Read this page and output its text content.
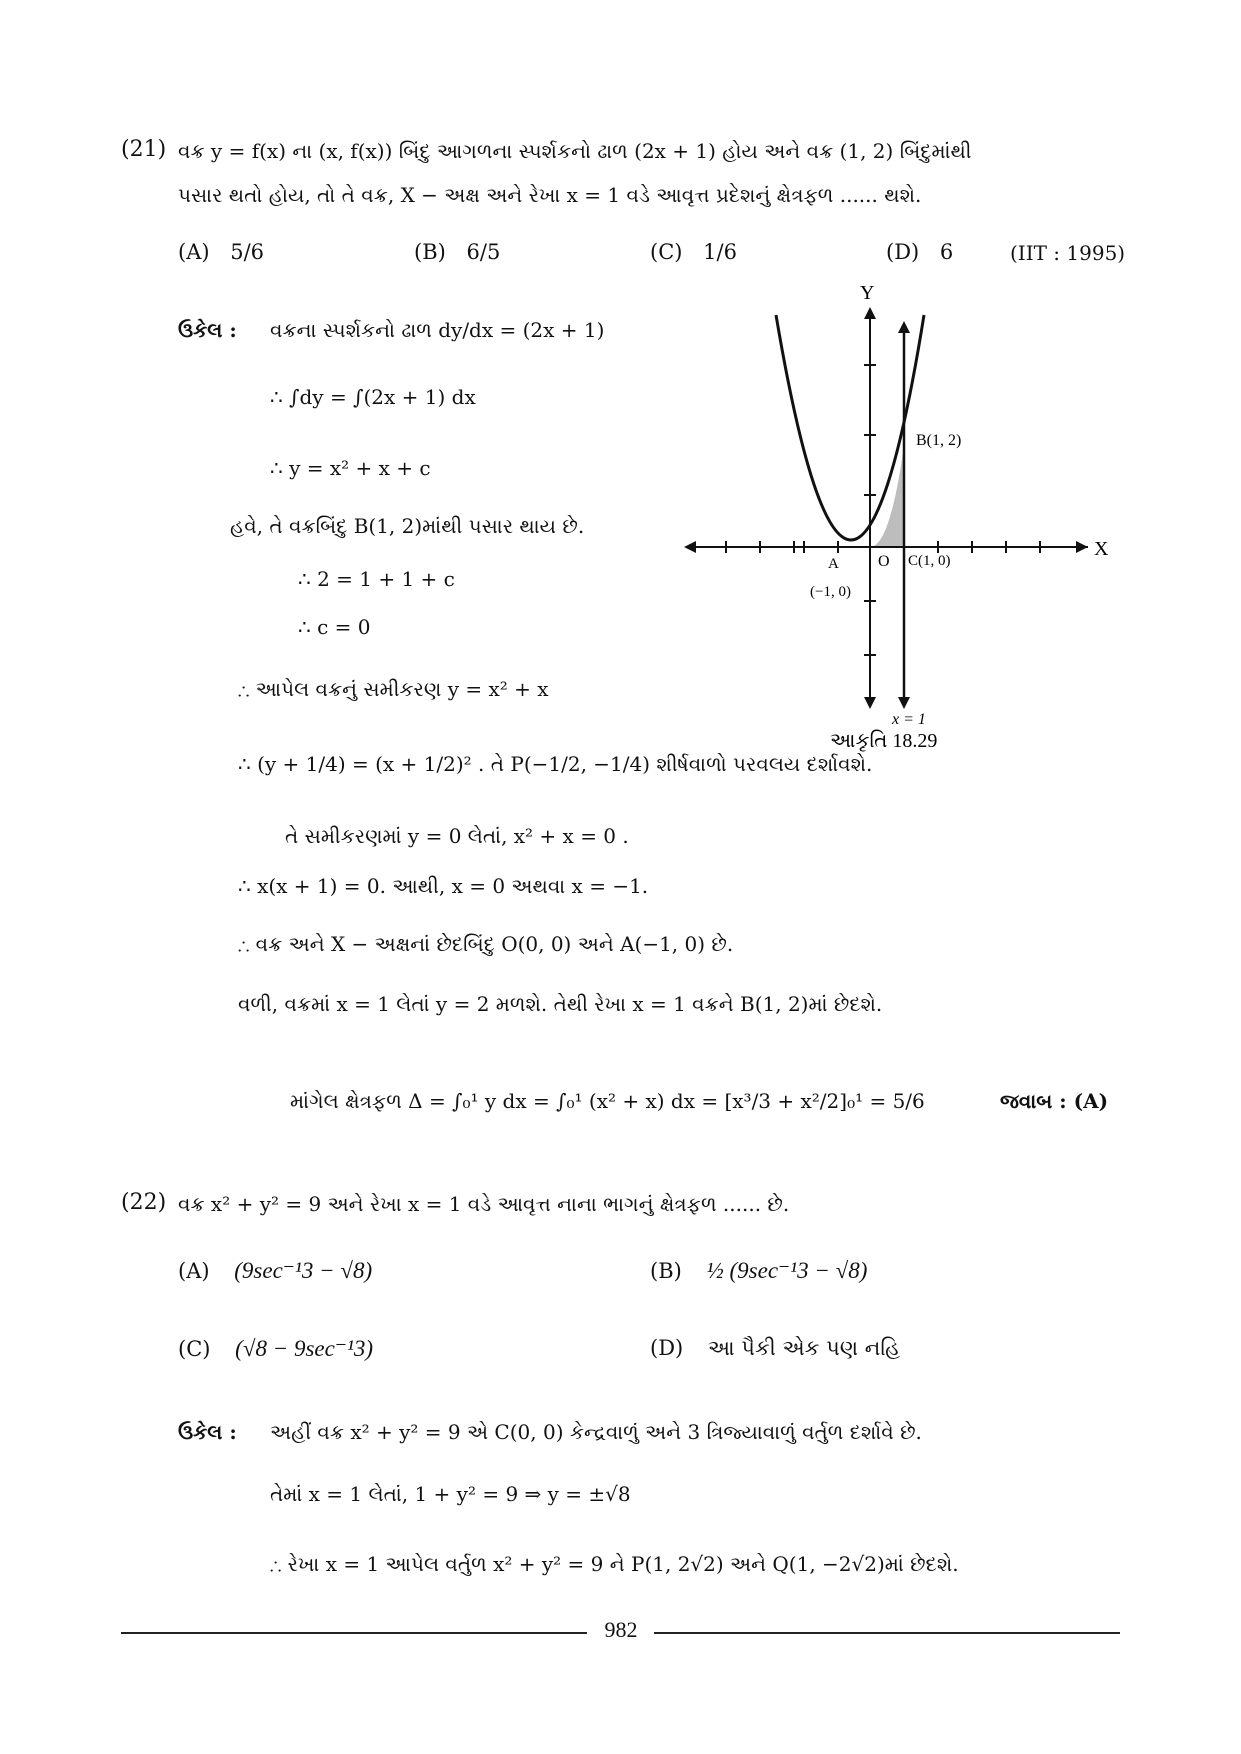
(21) વક્ર y = f(x) ના (x, f(x)) બિંદુ આગળના સ્પર્શકનો ઢાળ (2x + 1) હોય અને વક્ર (1, 2) બિંદુમાંથી
પસાર થતો હોય, તો તે વક્ર, X − અક્ષ અને રેખા x = 1 વડે આવૃત્ત પ્રદેશનું ક્ષેત્રફળ ...... થશે.
(A) 5/6	(B) 6/5	(C) 1/6	(D) 6	(IIT : 1995)
ઉકેલ : વક્રના સ્પર્શકનો ઢાળ dy/dx = (2x + 1)
∴ ∫dy = ∫(2x + 1) dx
∴ y = x² + x + c
હવે, તે વક્રબિંદુ B(1, 2)માંથી પસાર થાય છે.
∴ 2 = 1 + 1 + c
∴ c = 0
∴ આપેલ વક્રનું સમીકરણ y = x² + x
∴ (y + 1/4) = (x + 1/2)² . તે P(−1/2, −1/4) શીર્ષવાળો પરવલય દર્શાવશે.
તે સમીકરણમાં y = 0 લેતાં, x² + x = 0 .
∴ x(x + 1) = 0. આથી, x = 0 અથવા x = −1.
∴ વક્ર અને X − અક્ષનાં છેદબિંદુ O(0, 0) અને A(−1, 0) છે.
વળી, વક્રમાં x = 1 લેતાં y = 2 મળશે. તેથી રેખા x = 1 વક્રને B(1, 2)માં છેદશે.
માંગેલ ક્ષેત્રફળ Δ = ∫₀¹ y dx = ∫₀¹ (x² + x) dx = [x³/3 + x²/2]₀¹ = 5/6	જવાબ : (A)
Y
X
A
(−1, 0)
O
B(1, 2)
C(1, 0)
x = 1
આકૃતિ 18.29
(22) વક્ર x² + y² = 9 અને રેખા x = 1 વડે આવૃત્ત નાના ભાગનું ક્ષેત્રફળ ...... છે.
(A) (9sec⁻¹3 − √8)	(B) ½ (9sec⁻¹3 − √8)
(C) (√8 − 9sec⁻¹3)	(D) આ પૈકી એક પણ નહિ
ઉકેલ : અહીં વક્ર x² + y² = 9 એ C(0, 0) કેન્દ્રવાળું અને 3 ત્રિજ્યાવાળું વર્તુળ દર્શાવે છે.
તેમાં x = 1 લેતાં, 1 + y² = 9 ⇒ y = ±√8
∴ રેખા x = 1 આપેલ વર્તુળ x² + y² = 9 ને P(1, 2√2) અને Q(1, −2√2)માં છેદશે.
982
